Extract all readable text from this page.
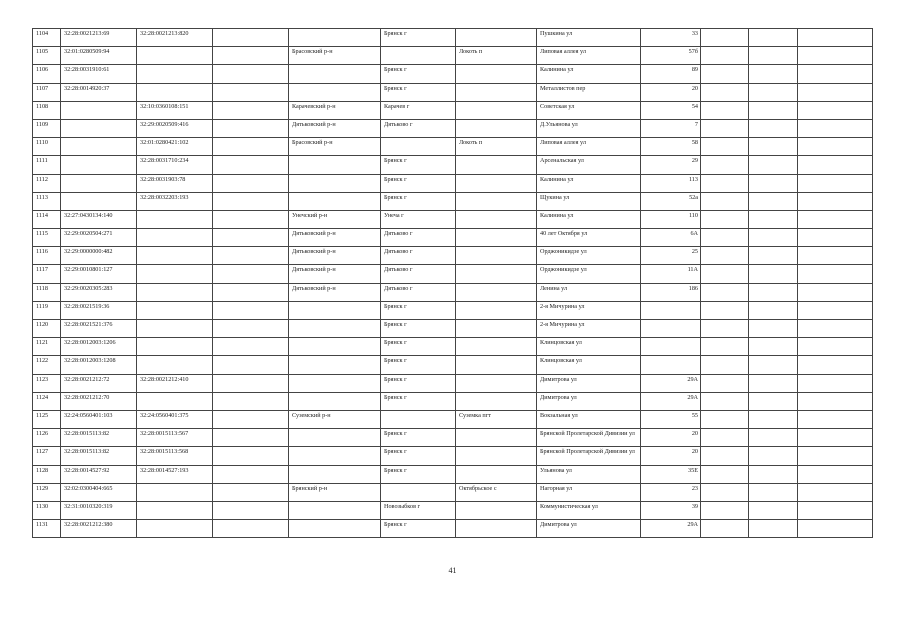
1104	32:28:0021213:69	32:28:0021213:820			Брянск г		Пушкина ул	33			
1105	32:01:0280509:94			Брасовский р-н		Локоть п	Липовая аллея ул	57б			
1106	32:28:0031910:61				Брянск г		Калинина ул	89			
1107	32:28:0014920:37				Брянск г		Металлистов пер	20			
1108		32:10:0360108:151		Карачевский р-н	Карачев г		Советская ул	54			
1109		32:29:0020509:416		Дятьковский р-н	Дятьково г		Д.Ульянова ул	7			
1110		32:01:0280421:102		Брасовский р-н		Локоть п	Липовая аллея ул	58			
1111		32:28:0031710:234			Брянск г		Арсенальская ул	29			
1112		32:28:0031903:78			Брянск г		Калинина ул	113			
1113		32:28:0032203:193			Брянск г		Щукина ул	52а			
1114	32:27:0430134:140			Унечский р-н	Унеча г		Калинина ул	110			
1115	32:29:0020504:271			Дятьковский р-н	Дятьково г		40 лет Октября ул	6А			
1116	32:29:0000000:482			Дятьковский р-н	Дятьково г		Орджоникидзе ул	25			
1117	32:29:0010801:127			Дятьковский р-н	Дятьково г		Орджоникидзе ул	11А			
1118	32:29:0020305:283			Дятьковский р-н	Дятьково г		Ленина ул	186			
1119	32:28:0021519:36				Брянск г		2-я Мичурина ул				
1120	32:28:0021521:376				Брянск г		2-я Мичурина ул				
1121	32:28:0012003:1206				Брянск г		Клинцовская ул				
1122	32:28:0012003:1208				Брянск г		Клинцовская ул				
1123	32:28:0021212:72	32:28:0021212:410			Брянск г		Димитрова ул	29А			
1124	32:28:0021212:70				Брянск г		Димитрова ул	29А			
1125	32:24:0560401:103	32:24:0560401:375		Суземский р-н		Суземка пгт	Вокзальная ул	55			
1126	32:28:0015113:82	32:28:0015113:567			Брянск г		Брянской Пролетарской Дивизии ул	20			
1127	32:28:0015113:82	32:28:0015113:568			Брянск г		Брянской Пролетарской Дивизии ул	20			
1128	32:28:0014527:92	32:28:0014527:193			Брянск г		Ульянова ул	35Е			
1129	32:02:0300404:665			Брянский р-н		Октябрьское с	Нагорная ул	23			
1130	32:31:0010320:319				Новозыбков г		Коммунистическая ул	39			
1131	32:28:0021212:380				Брянск г		Димитрова ул	29А			
41
